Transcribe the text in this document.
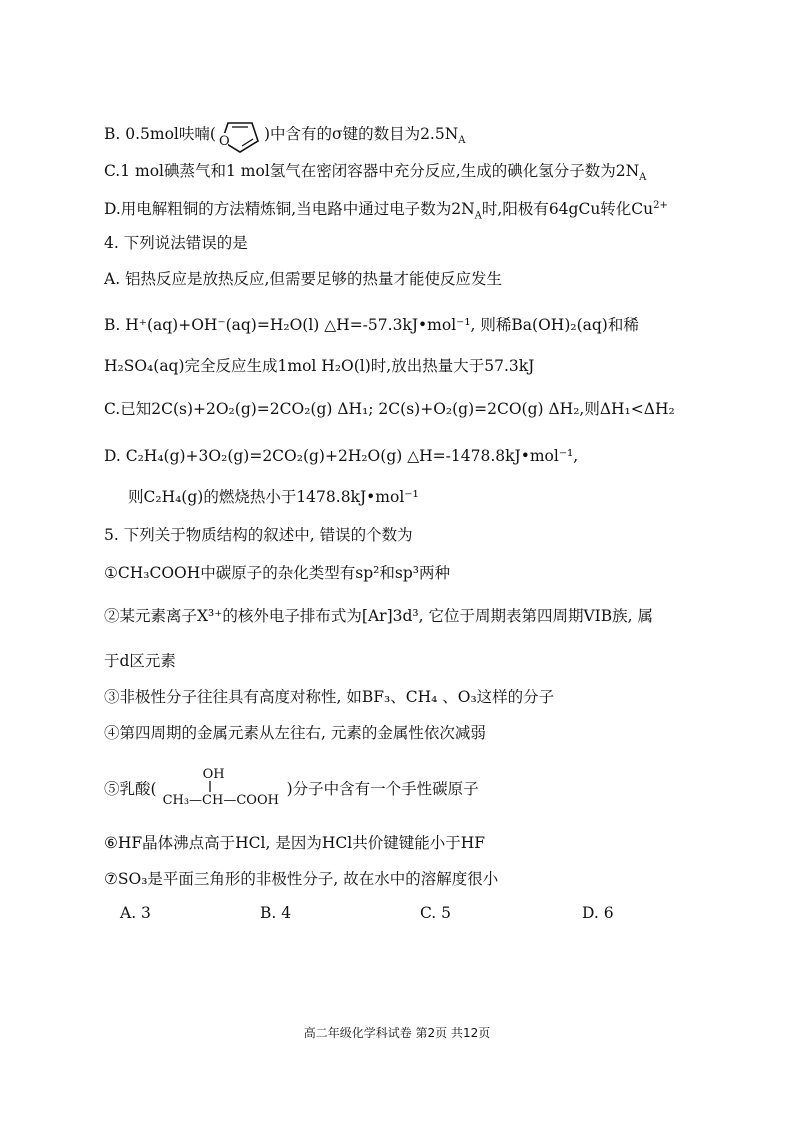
B. 0.5mol呋喃( O )中含有的σ键的数目为$2.5N_A$
C.1 mol碘蒸气和1 mol氢气在密闭容器中充分反应,生成的碘化氢分子数为$2N_A$
D.用电解粗铜的方法精炼铜,当电路中通过电子数为$2N_A$时,阳极有64gCu转化$Cu^{2+}$
4. 下列说法错误的是
A. 铝热反应是放热反应,但需要足够的热量才能使反应发生
B. H⁺(aq)+OH⁻(aq)=H₂O(l) △H=-57.3kJ•mol⁻¹, 则稀Ba(OH)₂(aq)和稀
H₂SO₄(aq)完全反应生成1mol H₂O(l)时,放出热量大于57.3kJ
C.已知2C(s)+2O₂(g)=2CO₂(g) ΔH₁; 2C(s)+O₂(g)=2CO(g) ΔH₂,则ΔH₁<ΔH₂
D. C₂H₄(g)+3O₂(g)=2CO₂(g)+2H₂O(g) △H=-1478.8kJ•mol⁻¹,
则C₂H₄(g)的燃烧热小于1478.8kJ•mol⁻¹
5. 下列关于物质结构的叙述中, 错误的个数为
①CH₃COOH中碳原子的杂化类型有sp²和sp³两种
②某元素离子X³⁺的核外电子排布式为[Ar]3d³, 它位于周期表第四周期VIB族, 属
于d区元素
③非极性分子往往具有高度对称性, 如BF₃、CH₄ 、O₃这样的分子
④第四周期的金属元素从左往右, 元素的金属性依次减弱
⑤乳酸(
OH
CH₃—CH—COOH
)分子中含有一个手性碳原子
⑥HF晶体沸点高于HCl, 是因为HCl共价键键能小于HF
⑦SO₃是平面三角形的非极性分子, 故在水中的溶解度很小
A. 3	B. 4	C. 5	D. 6
高二年级化学科试卷 第2页 共12页
